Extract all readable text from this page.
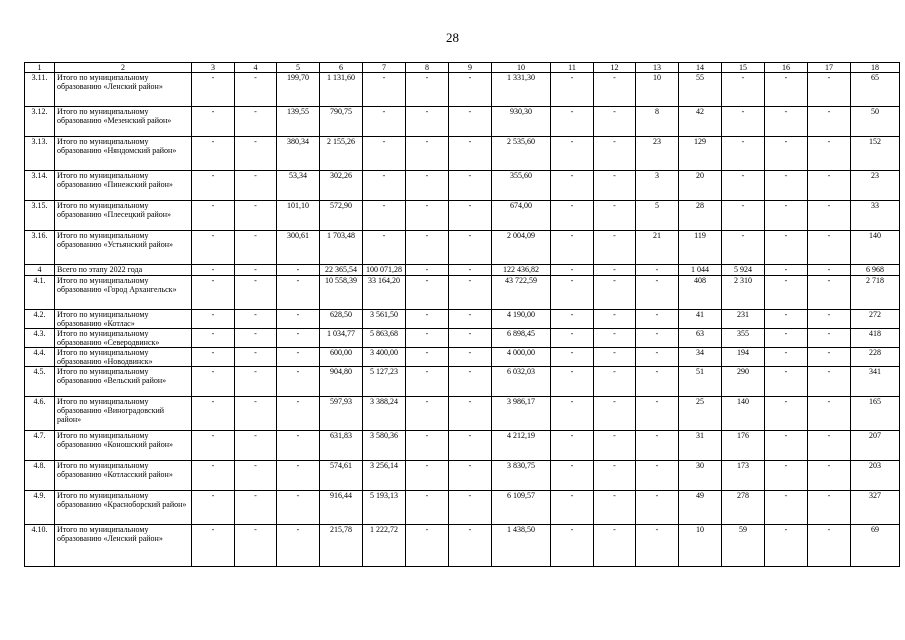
28
1	2	3	4	5	6	7	8	9	10	11	12	13	14	15	16	17	18
3.11.	Итого по муниципальному образованию «Ленский район»	-	-	199,70	1 131,60	-	-	-	1 331,30	-	-	10	55	-	-	-	65
3.12.	Итого по муниципальному образованию «Мезенский район»	-	-	139,55	790,75	-	-	-	930,30	-	-	8	42	-	-	-	50
3.13.	Итого по муниципальному образованию «Няндомский район»	-	-	380,34	2 155,26	-	-	-	2 535,60	-	-	23	129	-	-	-	152
3.14.	Итого по муниципальному образованию «Пинежский район»	-	-	53,34	302,26	-	-	-	355,60	-	-	3	20	-	-	-	23
3.15.	Итого по муниципальному образованию «Плесецкий район»	-	-	101,10	572,90	-	-	-	674,00	-	-	5	28	-	-	-	33
3.16.	Итого по муниципальному образованию «Устьянский район»	-	-	300,61	1 703,48	-	-	-	2 004,09	-	-	21	119	-	-	-	140
4	Всего по этапу 2022 года	-	-	-	22 365,54	100 071,28	-	-	122 436,82	-	-	-	1 044	5 924	-	-	6 968
4.1.	Итого по муниципальному образованию «Город Архангельск»	-	-	-	10 558,39	33 164,20	-	-	43 722,59	-	-	-	408	2 310	-	-	2 718
4.2.	Итого по муниципальному образованию «Котлас»	-	-	-	628,50	3 561,50	-	-	4 190,00	-	-	-	41	231	-	-	272
4.3.	Итого по муниципальному образованию «Северодвинск»	-	-	-	1 034,77	5 863,68	-	-	6 898,45	-	-	-	63	355	-	-	418
4.4.	Итого по муниципальному образованию «Новодвинск»	-	-	-	600,00	3 400,00	-	-	4 000,00	-	-	-	34	194	-	-	228
4.5.	Итого по муниципальному образованию «Вельский район»	-	-	-	904,80	5 127,23	-	-	6 032,03	-	-	-	51	290	-	-	341
4.6.	Итого по муниципальному образованию «Виноградовский район»	-	-	-	597,93	3 388,24	-	-	3 986,17	-	-	-	25	140	-	-	165
4.7.	Итого по муниципальному образованию «Коношский район»	-	-	-	631,83	3 580,36	-	-	4 212,19	-	-	-	31	176	-	-	207
4.8.	Итого по муниципальному образованию «Котласский район»	-	-	-	574,61	3 256,14	-	-	3 830,75	-	-	-	30	173	-	-	203
4.9.	Итого по муниципальному образованию «Красноборский район»	-	-	-	916,44	5 193,13	-	-	6 109,57	-	-	-	49	278	-	-	327
4.10.	Итого по муниципальному образованию «Ленский район»	-	-	-	215,78	1 222,72	-	-	1 438,50	-	-	-	10	59	-	-	69
